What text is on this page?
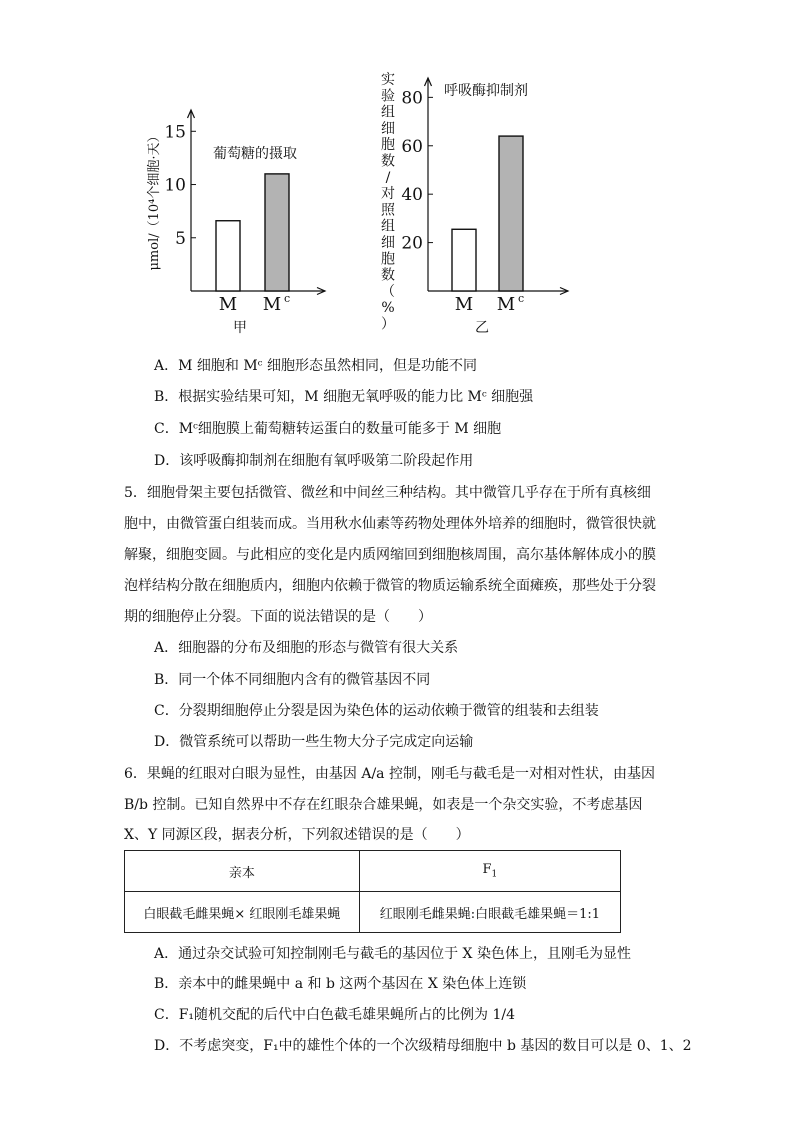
5
10
15
M M c
葡萄糖的摄取
μmol/（10⁴个细胞·天）
甲
20
40
60
80
M M c
呼吸酶抑制剂
实
验
组
细
胞
数
/
对
照
组
细
胞
数
（
%
）	乙
A．M 细胞和 Mᶜ 细胞形态虽然相同，但是功能不同
B．根据实验结果可知，M 细胞无氧呼吸的能力比 Mᶜ 细胞强
C．Mᶜ细胞膜上葡萄糖转运蛋白的数量可能多于 M 细胞
D．该呼吸酶抑制剂在细胞有氧呼吸第二阶段起作用
5．细胞骨架主要包括微管、微丝和中间丝三种结构。其中微管几乎存在于所有真核细
胞中，由微管蛋白组装而成。当用秋水仙素等药物处理体外培养的细胞时，微管很快就
解聚，细胞变圆。与此相应的变化是内质网缩回到细胞核周围，高尔基体解体成小的膜
泡样结构分散在细胞质内，细胞内依赖于微管的物质运输系统全面瘫痪，那些处于分裂
期的细胞停止分裂。下面的说法错误的是（　　）
A．细胞器的分布及细胞的形态与微管有很大关系
B．同一个体不同细胞内含有的微管基因不同
C．分裂期细胞停止分裂是因为染色体的运动依赖于微管的组装和去组装
D．微管系统可以帮助一些生物大分子完成定向运输
6．果蝇的红眼对白眼为显性，由基因 A/a 控制，刚毛与截毛是一对相对性状，由基因
B/b 控制。已知自然界中不存在红眼杂合雄果蝇，如表是一个杂交实验，不考虑基因
X、Y 同源区段，据表分析，下列叙述错误的是（　　）
亲本	$F_1$
白眼截毛雌果蝇× 红眼刚毛雄果蝇	红眼刚毛雌果蝇:白眼截毛雄果蝇＝1:1
A．通过杂交试验可知控制刚毛与截毛的基因位于 X 染色体上，且刚毛为显性
B．亲本中的雌果蝇中 a 和 b 这两个基因在 X 染色体上连锁
C．F₁随机交配的后代中白色截毛雄果蝇所占的比例为 1/4
D．不考虑突变，F₁中的雄性个体的一个次级精母细胞中 b 基因的数目可以是 0、1、2
